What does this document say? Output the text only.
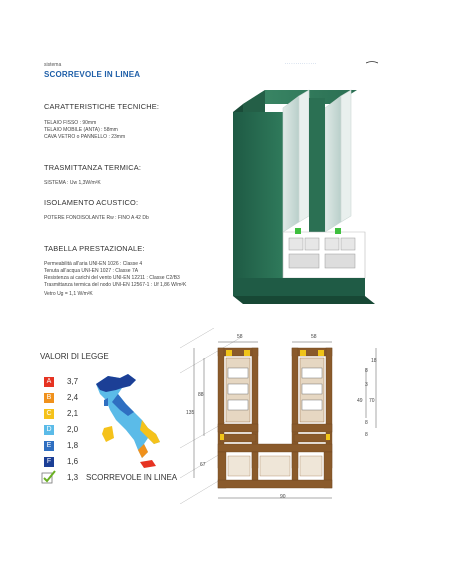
sistema
SCORREVOLE IN LINEA
· · · · · · · · · · · · · · ·
CARATTERISTICHE TECNICHE:
TELAIO FISSO : 90mm
TELAIO MOBILE (ANTA) : 58mm
CAVA VETRO o PANNELLO : 23mm
TRASMITTANZA TERMICA:
SISTEMA : Uw 1,3W/m²K
ISOLAMENTO ACUSTICO:
POTERE FONOISOLANTE Rw : FINO A 42 Db
TABELLA PRESTAZIONALE:
Permeabilità all'aria UNI-EN 1026 : Classe 4
Tenuta all'acqua UNI-EN 1027 : Classe 7A
Resistenza ai carichi del vento UNI-EN 12211 : Classe C2/B3
Trasmittanza termica del nodo UNI-EN 12567-1 : Uf 1,86 W/m²K
Vetro Ug = 1,1 W/m²K
VALORI DI LEGGE
A	3,7
B	2,4
C	2,1
D	2,0
E	1,8
F	1,6
1,3 SCORREVOLE IN LINEA
58	58
18
49 70
88
135
67
90
8
8
8
3
